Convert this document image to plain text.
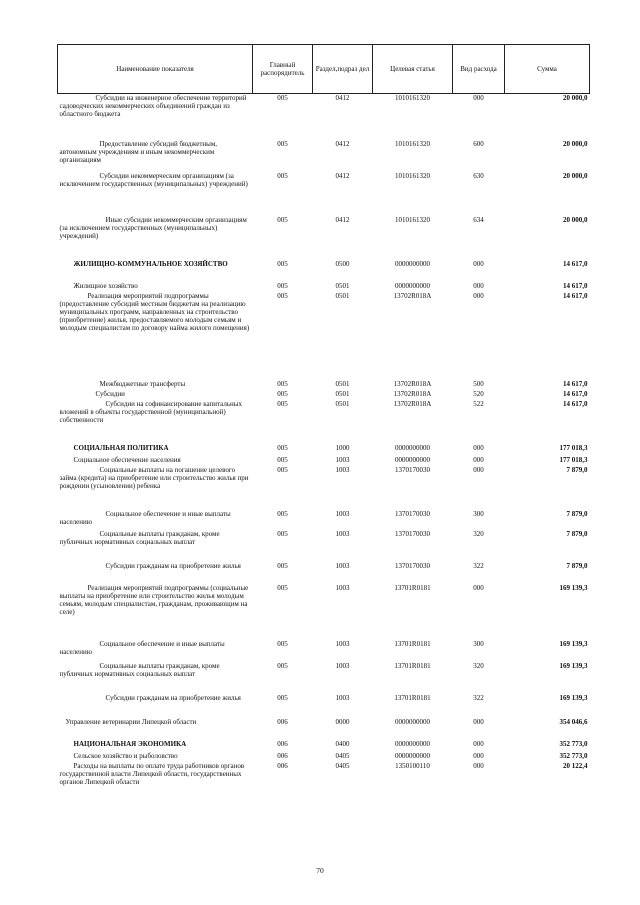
Наименование показателя	Главный распорядитель	Раздел,подраз дел	Целевая статья	Вид расхода	Сумма
Субсидии на инженерное обеспечение территорий садоводческих некоммерческих объединений граждан из областного бюджета	005	0412	1010161320	000	20 000,0
Предоставление субсидий бюджетным, автономным учреждениям и иным некоммерческим организациям	005	0412	1010161320	600	20 000,0
Субсидии некоммерческим организациям (за исключением государственных (муниципальных) учреждений)	005	0412	1010161320	630	20 000,0
Иные субсидии некоммерческим организациям (за исключением государственных (муниципальных) учреждений)	005	0412	1010161320	634	20 000,0
ЖИЛИЩНО-КОММУНАЛЬНОЕ ХОЗЯЙСТВО	005	0500	0000000000	000	14 617,0
Жилищное хозяйство	005	0501	0000000000	000	14 617,0
Реализация мероприятий подпрограммы (предоставление субсидий местным бюджетам на реализацию муниципальных программ, направленных на строительство (приобретение) жилья, предоставляемого молодым семьям и молодым специалистам по договору найма жилого помещения)	005	0501	13702R018A	000	14 617,0
Межбюджетные трансферты	005	0501	13702R018A	500	14 617,0
Субсидии	005	0501	13702R018A	520	14 617,0
Субсидии на софинансирование капитальных вложений в объекты государственной (муниципальной) собственности	005	0501	13702R018A	522	14 617,0
СОЦИАЛЬНАЯ ПОЛИТИКА	005	1000	0000000000	000	177 018,3
Социальное обеспечение населения	005	1003	0000000000	000	177 018,3
Социальные выплаты на погашение целевого займа (кредита) на приобретение или строительство жилья при рождении (усыновлении) ребенка	005	1003	1370170030	000	7 879,0
Социальное обеспечение и иные выплаты населению	005	1003	1370170030	300	7 879,0
Социальные выплаты гражданам, кроме публичных нормативных социальных выплат	005	1003	1370170030	320	7 879,0
Субсидии гражданам на приобретение жилья	005	1003	1370170030	322	7 879,0
Реализация мероприятий подпрограммы (социальные выплаты на приобретение или строительство жилья молодым семьям, молодым специалистам, гражданам, проживающим на селе)	005	1003	13701R0181	000	169 139,3
Социальное обеспечение и иные выплаты населению	005	1003	13701R0181	300	169 139,3
Социальные выплаты гражданам, кроме публичных нормативных социальных выплат	005	1003	13701R0181	320	169 139,3
Субсидии гражданам на приобретение жилья	005	1003	13701R0181	322	169 139,3
Управление ветеринарии Липецкой области	006	0000	0000000000	000	354 046,6
НАЦИОНАЛЬНАЯ ЭКОНОМИКА	006	0400	0000000000	000	352 773,0
Сельское хозяйство и рыболовство	006	0405	0000000000	000	352 773,0
Расходы на выплаты по оплате труда работников органов государственной власти Липецкой области, государственных органов Липецкой области	006	0405	1350100110	000	20 122,4
70
